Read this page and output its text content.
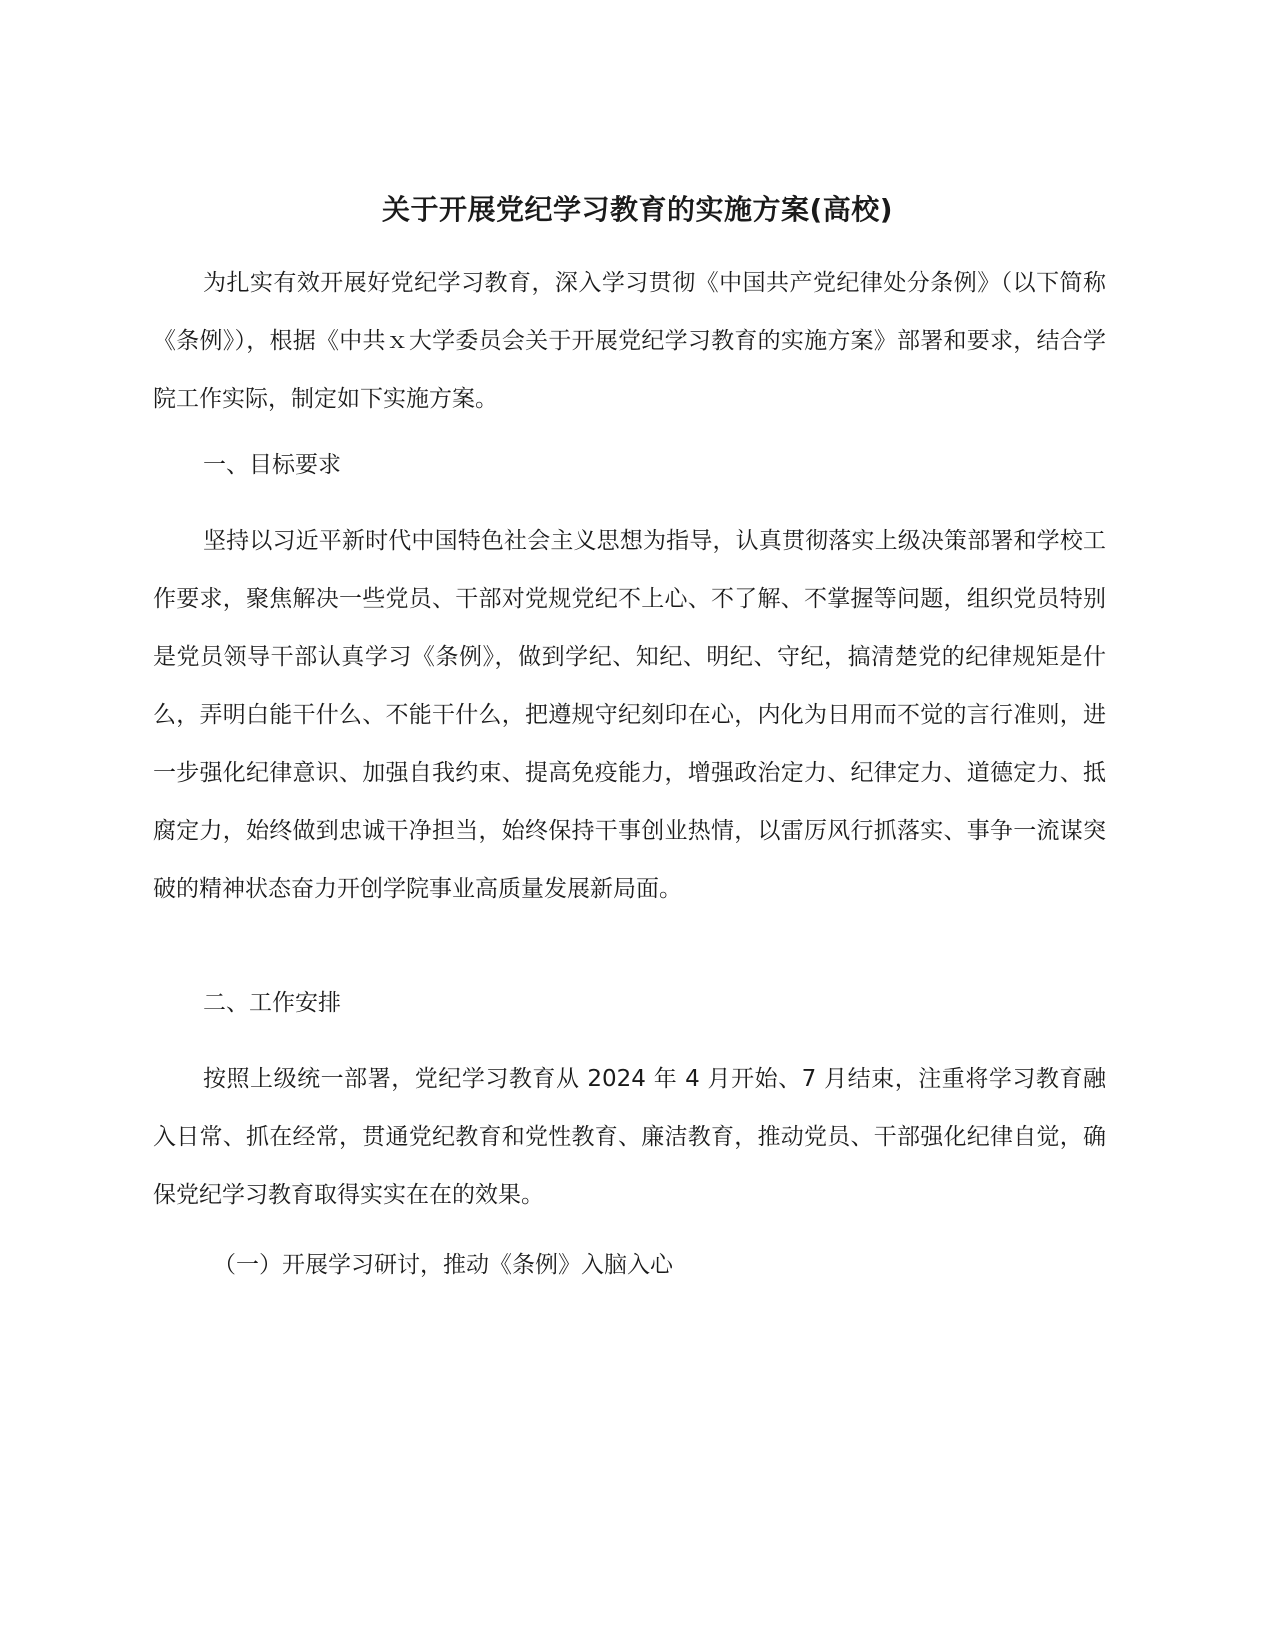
关于开展党纪学习教育的实施方案(高校)

为扎实有效开展好党纪学习教育，深入学习贯彻《中国共产党纪律处分条例》（以下简称《条例》），根据《中共ｘ大学委员会关于开展党纪学习教育的实施方案》部署和要求，结合学院工作实际，制定如下实施方案。

一、目标要求

坚持以习近平新时代中国特色社会主义思想为指导，认真贯彻落实上级决策部署和学校工作要求，聚焦解决一些党员、干部对党规党纪不上心、不了解、不掌握等问题，组织党员特别是党员领导干部认真学习《条例》，做到学纪、知纪、明纪、守纪，搞清楚党的纪律规矩是什么，弄明白能干什么、不能干什么，把遵规守纪刻印在心，内化为日用而不觉的言行准则，进一步强化纪律意识、加强自我约束、提高免疫能力，增强政治定力、纪律定力、道德定力、抵腐定力，始终做到忠诚干净担当，始终保持干事创业热情，以雷厉风行抓落实、事争一流谋突破的精神状态奋力开创学院事业高质量发展新局面。

二、工作安排

按照上级统一部署，党纪学习教育从 2024 年 4 月开始、7 月结束，注重将学习教育融入日常、抓在经常，贯通党纪教育和党性教育、廉洁教育，推动党员、干部强化纪律自觉，确保党纪学习教育取得实实在在的效果。

（一）开展学习研讨，推动《条例》入脑入心
